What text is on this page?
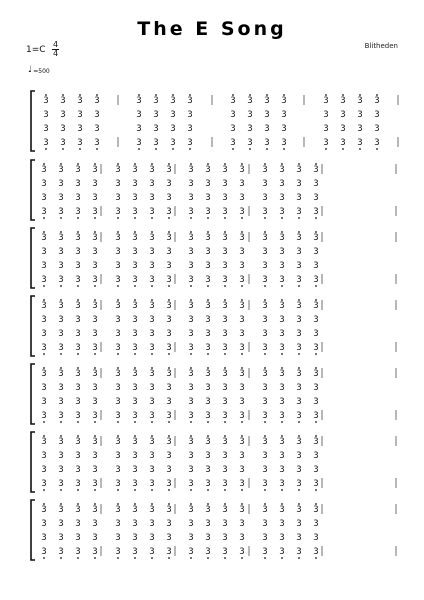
The E Song
Blitheden
1=C
4
4
♩ =500
3
3
3
3
3
3
3
3
3
3
3
3
3
3
3
3
3
3
3
3
3
3
3
3
3
3
3
3
3
3
3
3
3
3
3
3
3
3
3
3
3
3
3
3
3
3
3
3
3
3
3
3
3
3
3
3
3
3
3
3
3
3
3
3
3
3
3
3
3
3
3
3
3
3
3
3
3
3
3
3
3
3
3
3
3
3
3
3
3
3
3
3
3
3
3
3
3
3
3
3
3
3
3
3
3
3
3
3
3
3
3
3
3
3
3
3
3
3
3
3
3
3
3
3
3
3
3
3
3
3
3
3
3
3
3
3
3
3
3
3
3
3
3
3
3
3
3
3
3
3
3
3
3
3
3
3
3
3
3
3
3
3
3
3
3
3
3
3
3
3
3
3
3
3
3
3
3
3
3
3
3
3
3
3
3
3
3
3
3
3
3
3
3
3
3
3
3
3
3
3
3
3
3
3
3
3
3
3
3
3
3
3
3
3
3
3
3
3
3
3
3
3
3
3
3
3
3
3
3
3
3
3
3
3
3
3
3
3
3
3
3
3
3
3
3
3
3
3
3
3
3
3
3
3
3
3
3
3
3
3
3
3
3
3
3
3
3
3
3
3
3
3
3
3
3
3
3
3
3
3
3
3
3
3
3
3
3
3
3
3
3
3
3
3
3
3
3
3
3
3
3
3
3
3
3
3
3
3
3
3
3
3
3
3
3
3
3
3
3
3
3
3
3
3
3
3
3
3
3
3
3
3
3
3
3
3
3
3
3
3
3
3
3
3
3
3
3
3
3
3
3
3
3
3
3
3
3
3
3
3
3
3
3
3
3
3
3
3
3
3
3
3
3
3
3
3
3
3
3
3
3
3
3
3
3
3
3
3
3
3
3
3
3
3
3
3
3
3
3
3
3
3
3
3
3
3
3
3
3
3
3
3
3
3
3
3
3
3
3
3
3
3
3
3
3
3
3
3
3
3
3
3
3
3
3
3
3
3
3
3
3
3
3
3
3
3
3
3
